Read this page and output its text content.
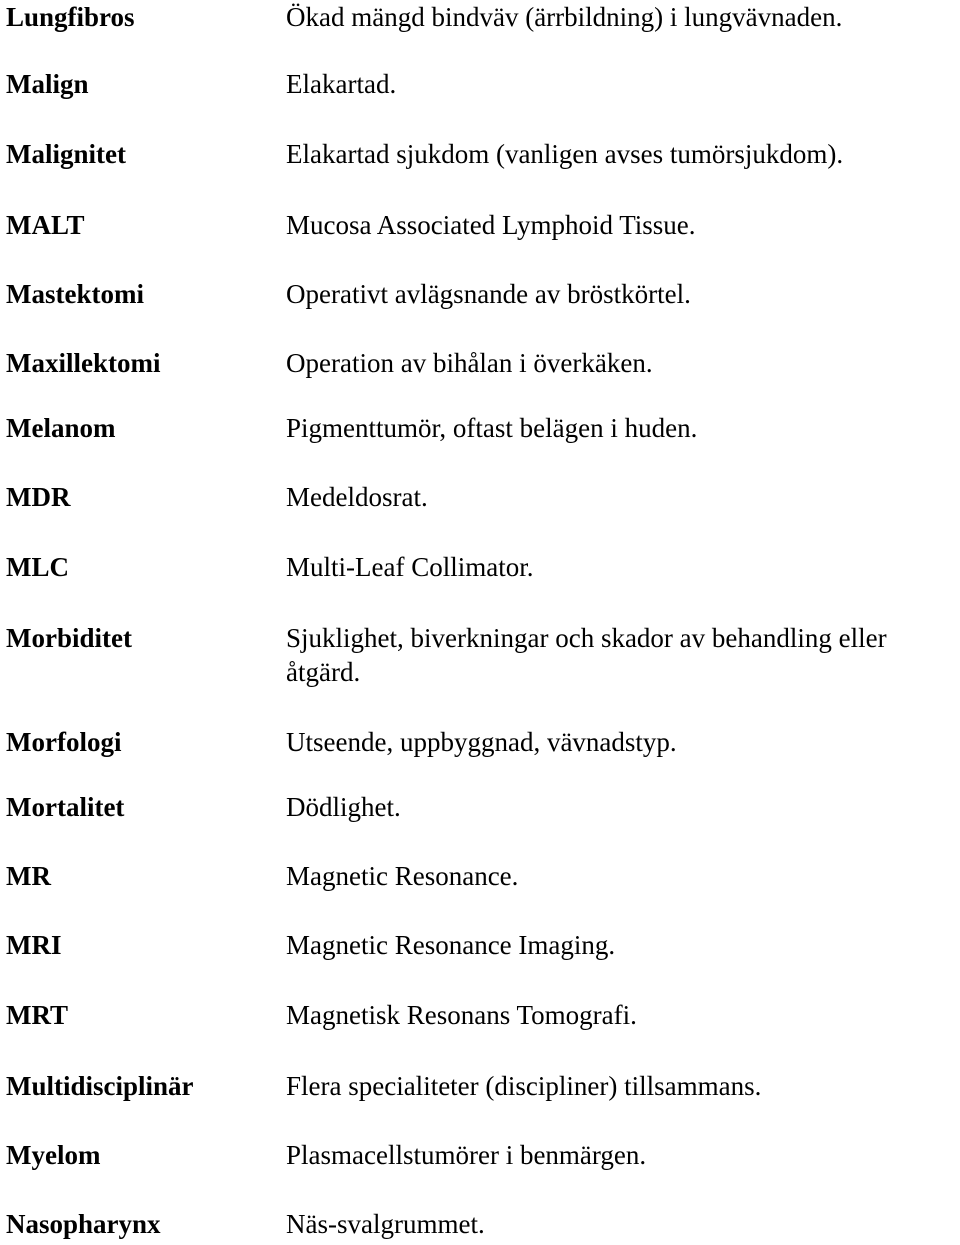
Lungfibros	Ökad mängd bindväv (ärrbildning) i lungvävnaden.
Malign	Elakartad.
Malignitet	Elakartad sjukdom (vanligen avses tumörsjukdom).
MALT	Mucosa Associated Lymphoid Tissue.
Mastektomi	Operativt avlägsnande av bröstkörtel.
Maxillektomi	Operation av bihålan i överkäken.
Melanom	Pigmenttumör, oftast belägen i huden.
MDR	Medeldosrat.
MLC	Multi-Leaf Collimator.
Morbiditet	Sjuklighet, biverkningar och skador av behandling eller åtgärd.
Morfologi	Utseende, uppbyggnad, vävnadstyp.
Mortalitet	Dödlighet.
MR	Magnetic Resonance.
MRI	Magnetic Resonance Imaging.
MRT	Magnetisk Resonans Tomografi.
Multidisciplinär	Flera specialiteter (discipliner) tillsammans.
Myelom	Plasmacellstumörer i benmärgen.
Nasopharynx	Näs-svalgrummet.
